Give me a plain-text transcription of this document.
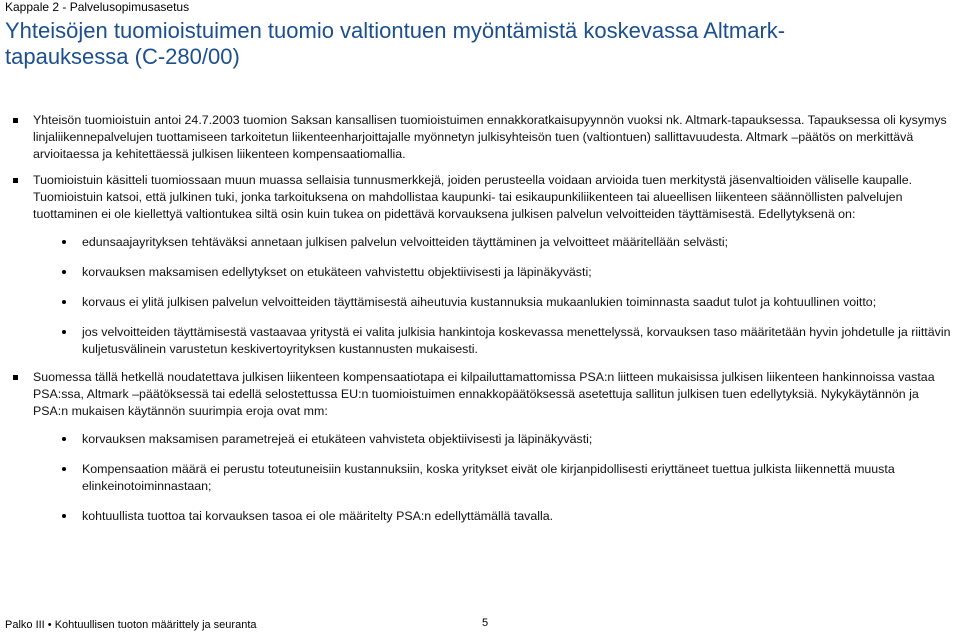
Kappale 2 - Palvelusopimusasetus
Yhteisöjen tuomioistuimen tuomio valtiontuen myöntämistä koskevassa Altmark-tapauksessa (C-280/00)
Yhteisön tuomioistuin antoi 24.7.2003 tuomion Saksan kansallisen tuomioistuimen ennakkoratkaisupyynnön vuoksi nk. Altmark-tapauksessa. Tapauksessa oli kysymys linjaliikennepalvelujen tuottamiseen tarkoitetun liikenteenharjoittajalle myönnetyn julkisyhteisön tuen (valtiontuen) sallittavuudesta. Altmark –päätös on merkittävä arvioitaessa ja kehitettäessä julkisen liikenteen kompensaatiomallia.
Tuomioistuin käsitteli tuomiossaan muun muassa sellaisia tunnusmerkkejä, joiden perusteella voidaan arvioida tuen merkitystä jäsenvaltioiden väliselle kaupalle. Tuomioistuin katsoi, että julkinen tuki, jonka tarkoituksena on mahdollistaa kaupunki- tai esikaupunkiliikenteen tai alueellisen liikenteen säännöllisten palvelujen tuottaminen ei ole kiellettyä valtiontukea siltä osin kuin tukea on pidettävä korvauksena julkisen palvelun velvoitteiden täyttämisestä. Edellytyksenä on:
edunsaajayrityksen tehtäväksi annetaan julkisen palvelun velvoitteiden täyttäminen ja velvoitteet määritellään selvästi;
korvauksen maksamisen edellytykset on etukäteen vahvistettu objektiivisesti ja läpinäkyvästi;
korvaus ei ylitä julkisen palvelun velvoitteiden täyttämisestä aiheutuvia kustannuksia mukaanlukien toiminnasta saadut tulot ja kohtuullinen voitto;
jos velvoitteiden täyttämisestä vastaavaa yritystä ei valita julkisia hankintoja koskevassa menettelyssä, korvauksen taso määritetään hyvin johdetulle ja riittävin kuljetusvälinein varustetun keskivertoyrityksen kustannusten mukaisesti.
Suomessa tällä hetkellä noudatettava julkisen liikenteen kompensaatiotapa ei kilpailuttamattomissa PSA:n liitteen mukaisissa julkisen liikenteen hankinnoissa vastaa PSA:ssa, Altmark –päätöksessä tai edellä selostettussa EU:n tuomioistuimen ennakkopäätöksessä asetettuja sallitun julkisen tuen edellytyksiä. Nykykäytännön ja PSA:n mukaisen käytännön suurimpia eroja ovat mm:
korvauksen maksamisen parametrejeä ei etukäteen vahvisteta objektiivisesti ja läpinäkyvästi;
Kompensaation määrä ei perustu toteutuneisiin kustannuksiin, koska yritykset eivät ole kirjanpidollisesti eriyttäneet tuettua julkista liikennettä muusta elinkeinotoiminnastaan;
kohtuullista tuottoa tai korvauksen tasoa ei ole määritelty PSA:n edellyttämällä tavalla.
Palko III • Kohtuullisen tuoton määrittely ja seuranta	5
